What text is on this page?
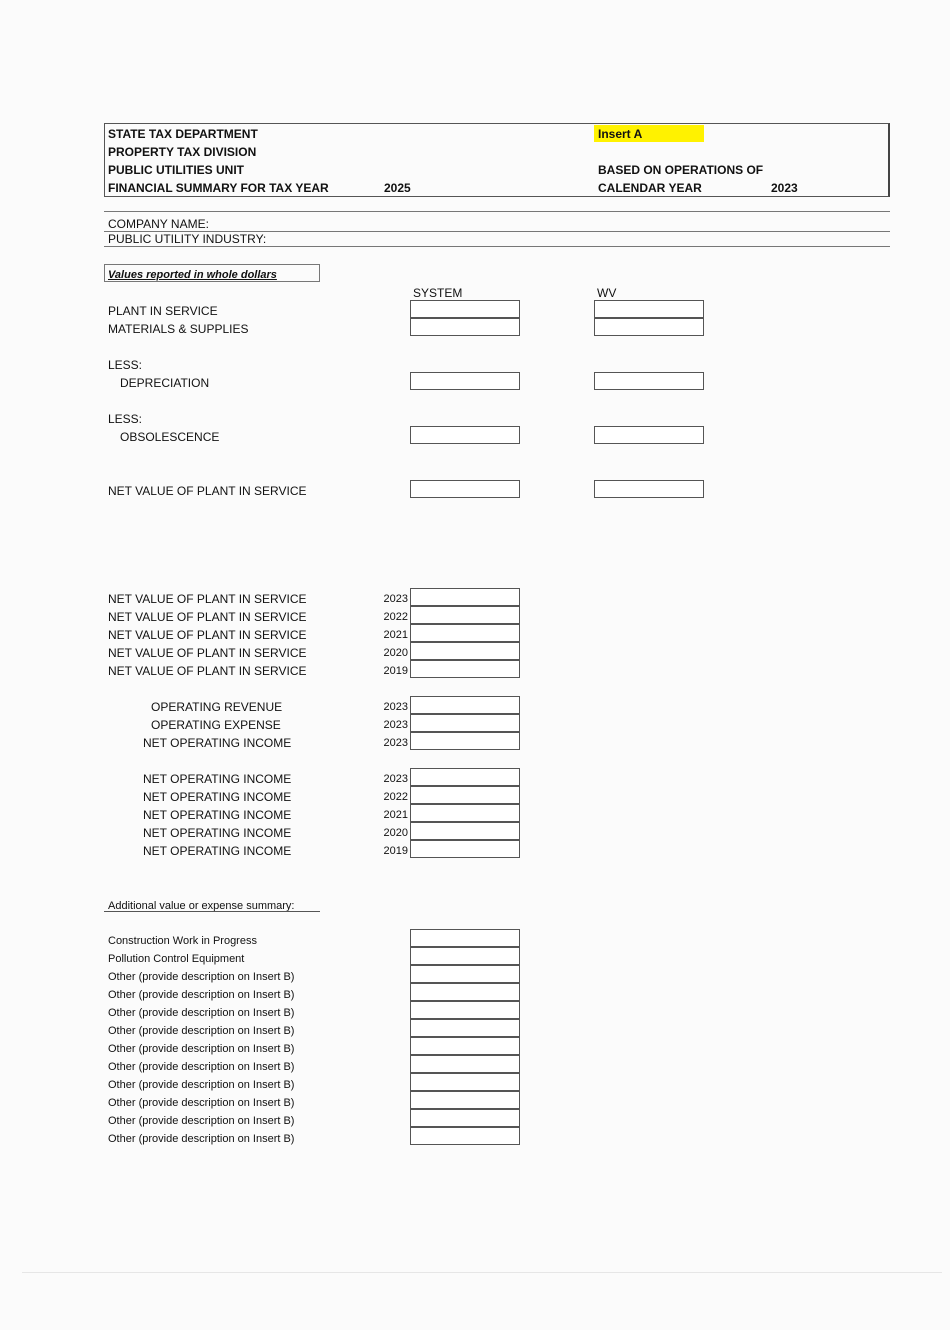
STATE TAX DEPARTMENT
PROPERTY TAX DIVISION
PUBLIC UTILITIES UNIT
FINANCIAL SUMMARY FOR TAX YEAR	2025
Insert A
BASED ON OPERATIONS OF
CALENDAR YEAR	2023
COMPANY NAME:
PUBLIC UTILITY INDUSTRY:
Values reported in whole dollars
SYSTEM	WV
PLANT IN SERVICE
MATERIALS & SUPPLIES
LESS:
DEPRECIATION
LESS:
OBSOLESCENCE
NET VALUE OF PLANT IN SERVICE
NET VALUE OF PLANT IN SERVICE	2023
NET VALUE OF PLANT IN SERVICE	2022
NET VALUE OF PLANT IN SERVICE	2021
NET VALUE OF PLANT IN SERVICE	2020
NET VALUE OF PLANT IN SERVICE	2019
OPERATING REVENUE	2023
OPERATING EXPENSE	2023
NET OPERATING INCOME	2023
NET OPERATING INCOME	2023
NET OPERATING INCOME	2022
NET OPERATING INCOME	2021
NET OPERATING INCOME	2020
NET OPERATING INCOME	2019
Additional value or expense summary:
Construction Work in Progress
Pollution Control Equipment
Other (provide description on Insert B)
Other (provide description on Insert B)
Other (provide description on Insert B)
Other (provide description on Insert B)
Other (provide description on Insert B)
Other (provide description on Insert B)
Other (provide description on Insert B)
Other (provide description on Insert B)
Other (provide description on Insert B)
Other (provide description on Insert B)
